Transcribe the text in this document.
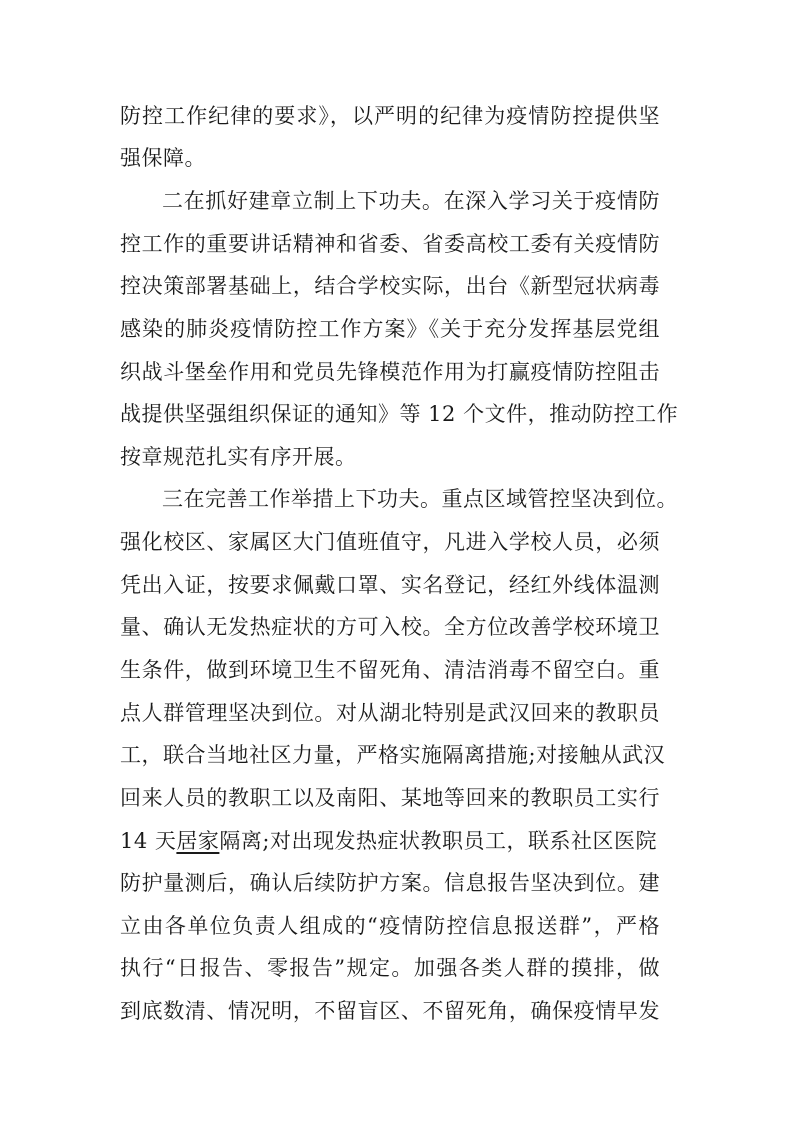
防控工作纪律的要求》，以严明的纪律为疫情防控提供坚
强保障。
二在抓好建章立制上下功夫。在深入学习关于疫情防
控工作的重要讲话精神和省委、省委高校工委有关疫情防
控决策部署基础上，结合学校实际，出台《新型冠状病毒
感染的肺炎疫情防控工作方案》《关于充分发挥基层党组
织战斗堡垒作用和党员先锋模范作用为打赢疫情防控阻击
战提供坚强组织保证的通知》等 12 个文件，推动防控工作
按章规范扎实有序开展。
三在完善工作举措上下功夫。重点区域管控坚决到位。
强化校区、家属区大门值班值守，凡进入学校人员，必须
凭出入证，按要求佩戴口罩、实名登记，经红外线体温测
量、确认无发热症状的方可入校。全方位改善学校环境卫
生条件，做到环境卫生不留死角、清洁消毒不留空白。重
点人群管理坚决到位。对从湖北特别是武汉回来的教职员
工，联合当地社区力量，严格实施隔离措施;对接触从武汉
回来人员的教职工以及南阳、某地等回来的教职员工实行
14 天居家隔离;对出现发热症状教职员工，联系社区医院
防护量测后，确认后续防护方案。信息报告坚决到位。建
立由各单位负责人组成的“疫情防控信息报送群”，严格
执行“日报告、零报告”规定。加强各类人群的摸排，做
到底数清、情况明，不留盲区、不留死角，确保疫情早发
